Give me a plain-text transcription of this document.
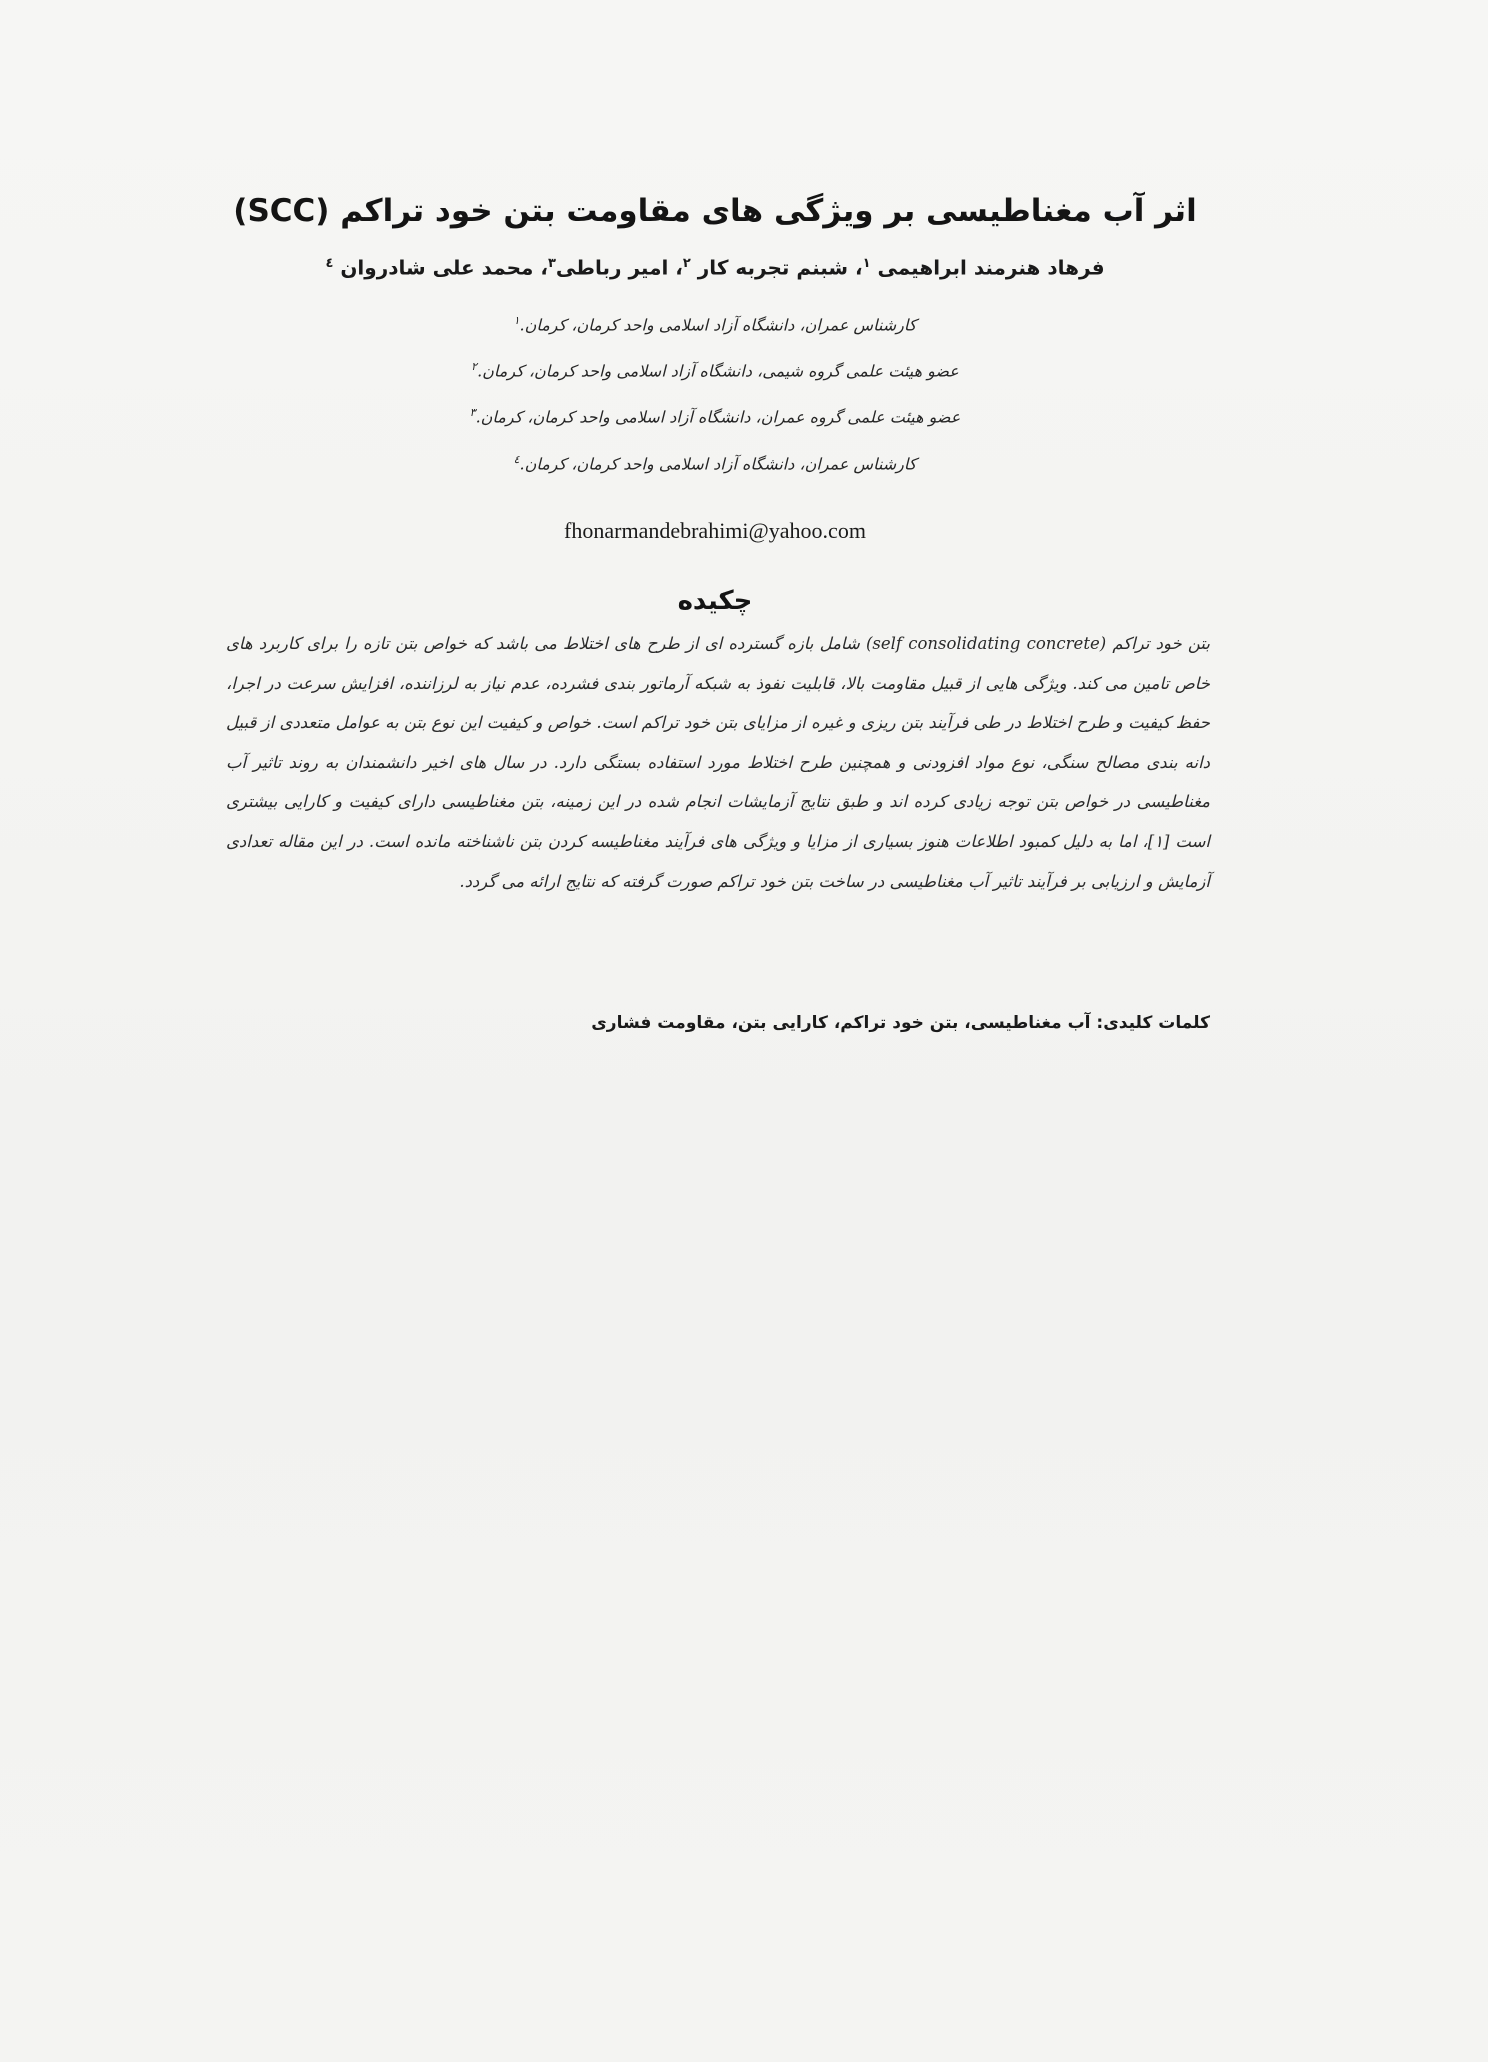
اثر آب مغناطیسی بر ویژگی های مقاومت بتن خود تراکم (SCC)
فرهاد هنرمند ابراهیمی $^۱$، شبنم تجربه کار $^۲$، امیر رباطی$^۳$، محمد علی شادروان $^٤$
کارشناس عمران، دانشگاه آزاد اسلامی واحد کرمان، کرمان.$^۱$
عضو هیئت علمی گروه شیمی، دانشگاه آزاد اسلامی واحد کرمان، کرمان.$^۲$
عضو هیئت علمی گروه عمران، دانشگاه آزاد اسلامی واحد کرمان، کرمان.$^۳$
کارشناس عمران، دانشگاه آزاد اسلامی واحد کرمان، کرمان.$^٤$
fhonarmandebrahimi@yahoo.com
چکیده
بتن خود تراکم (self consolidating concrete) شامل بازه گسترده ای از طرح های اختلاط می باشد که خواص بتن تازه را برای کاربرد های خاص تامین می کند. ویژگی هایی از قبیل مقاومت بالا، قابلیت نفوذ به شبکه آرماتور بندی فشرده، عدم نیاز به لرزاننده، افزایش سرعت در اجرا، حفظ کیفیت و طرح اختلاط در طی فرآیند بتن ریزی و غیره از مزایای بتن خود تراکم است. خواص و کیفیت این نوع بتن به عوامل متعددی از قبیل دانه بندی مصالح سنگی، نوع مواد افزودنی و همچنین طرح اختلاط مورد استفاده بستگی دارد. در سال های اخیر دانشمندان به روند تاثیر آب مغناطیسی در خواص بتن توجه زیادی کرده اند و طبق نتایج آزمایشات انجام شده در این زمینه، بتن مغناطیسی دارای کیفیت و کارایی بیشتری است [۱]، اما به دلیل کمبود اطلاعات هنوز بسیاری از مزایا و ویژگی های فرآیند مغناطیسه کردن بتن ناشناخته مانده است. در این مقاله تعدادی آزمایش و ارزیابی بر فرآیند تاثیر آب مغناطیسی در ساخت بتن خود تراکم صورت گرفته که نتایج ارائه می گردد.
کلمات کلیدی: آب مغناطیسی، بتن خود تراکم، کارایی بتن، مقاومت فشاری
